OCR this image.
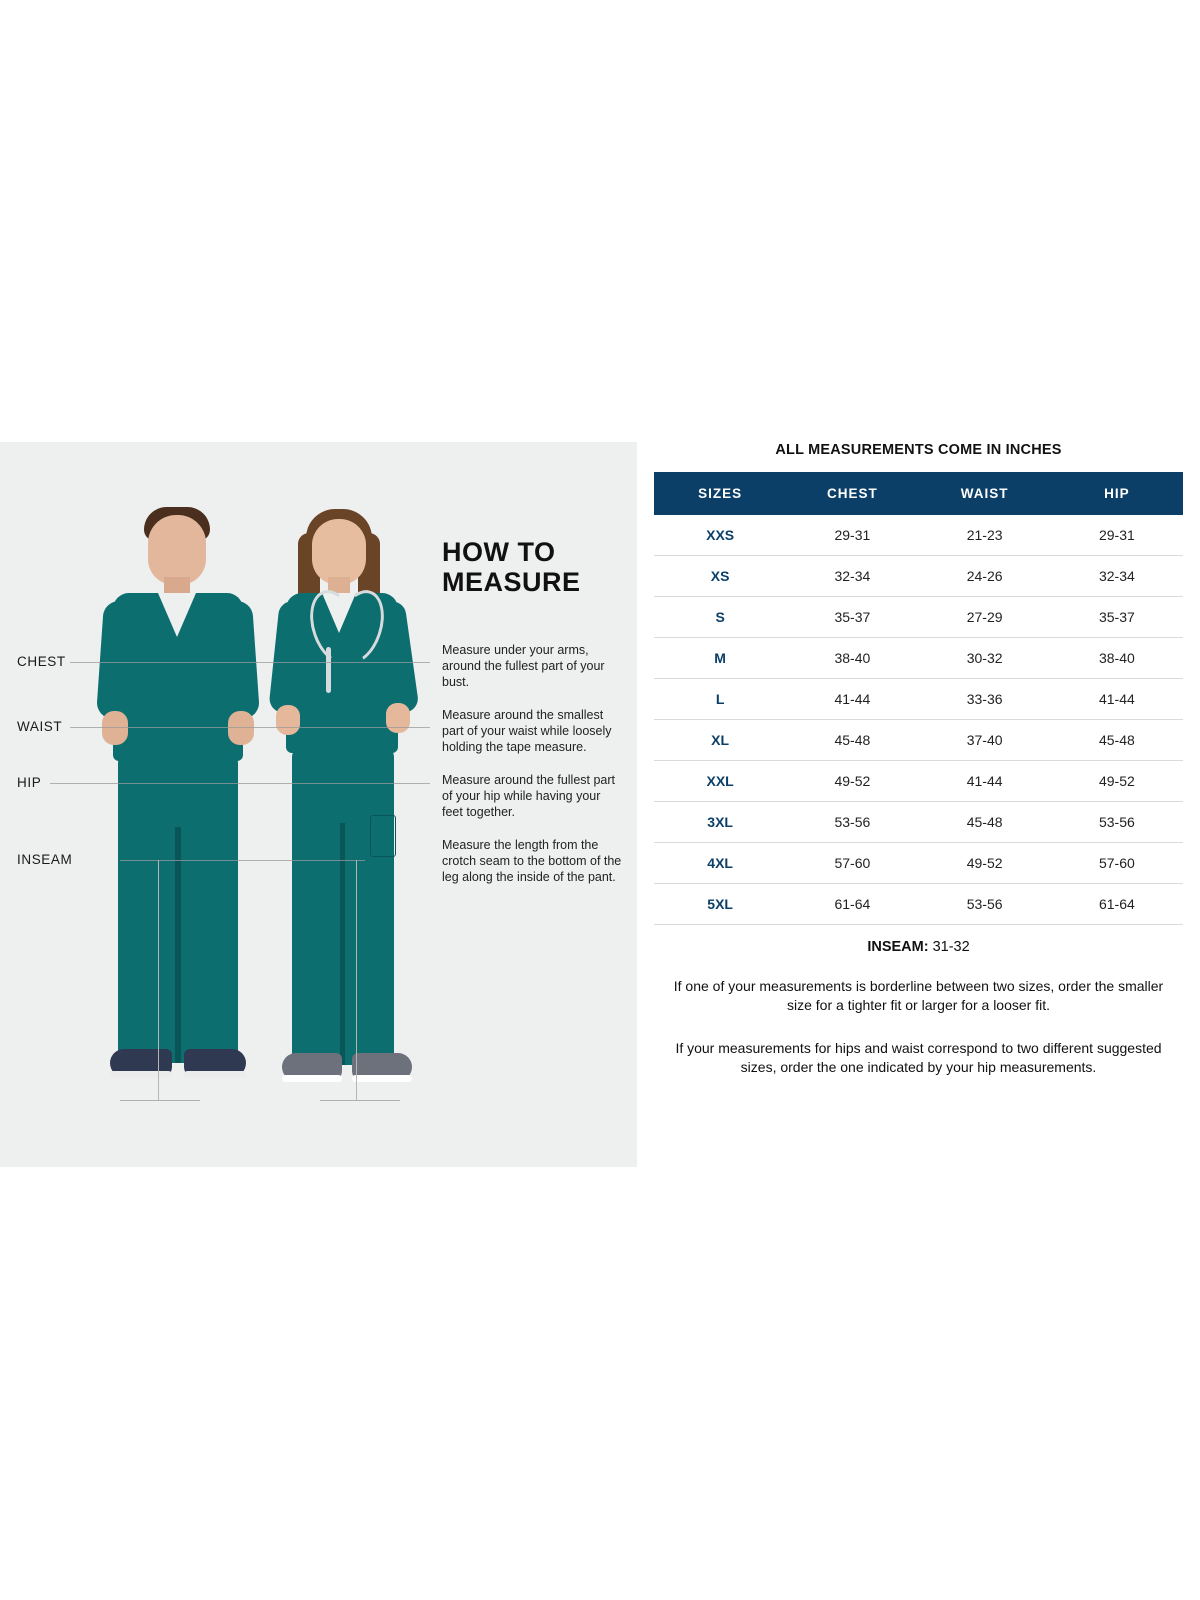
CHEST
WAIST
HIP
INSEAM
HOW TO MEASURE
Measure under your arms, around the fullest part of your bust.
Measure around the smallest part of your waist while loosely holding the tape measure.
Measure around the fullest part of your hip while having your feet together.
Measure the length from the crotch seam to the bottom of the leg along the inside of the pant.
ALL MEASUREMENTS COME IN INCHES
SIZES	CHEST	WAIST	HIP
XXS	29-31	21-23	29-31
XS	32-34	24-26	32-34
S	35-37	27-29	35-37
M	38-40	30-32	38-40
L	41-44	33-36	41-44
XL	45-48	37-40	45-48
XXL	49-52	41-44	49-52
3XL	53-56	45-48	53-56
4XL	57-60	49-52	57-60
5XL	61-64	53-56	61-64
INSEAM: 31-32
If one of your measurements is borderline between two sizes, order the smaller size for a tighter fit or larger for a looser fit.
If your measurements for hips and waist correspond to two different suggested sizes, order the one indicated by your hip measurements.
